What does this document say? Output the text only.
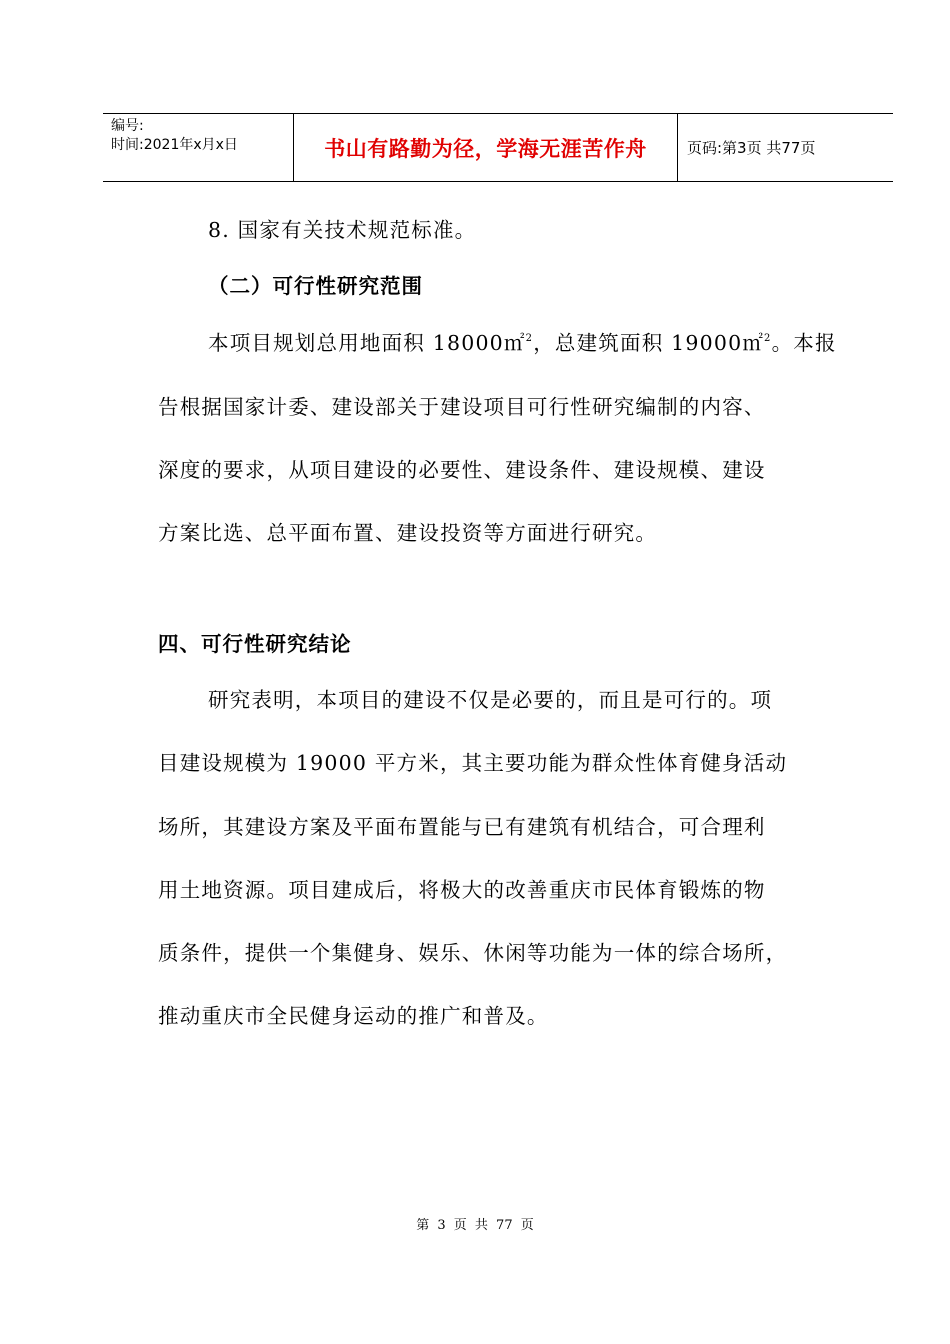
编号:
时间:2021年x月x日	书山有路勤为径，学海无涯苦作舟	页码:第3页 共77页
8. 国家有关技术规范标准。
（二）可行性研究范围
本项目规划总用地面积 18000㎡$^2$，总建筑面积 19000㎡$^2$。本报
告根据国家计委、建设部关于建设项目可行性研究编制的内容、
深度的要求，从项目建设的必要性、建设条件、建设规模、建设
方案比选、总平面布置、建设投资等方面进行研究。
四、可行性研究结论
研究表明，本项目的建设不仅是必要的，而且是可行的。项
目建设规模为 19000 平方米，其主要功能为群众性体育健身活动
场所，其建设方案及平面布置能与已有建筑有机结合，可合理利
用土地资源。项目建成后，将极大的改善重庆市民体育锻炼的物
质条件，提供一个集健身、娱乐、休闲等功能为一体的综合场所，
推动重庆市全民健身运动的推广和普及。
第 3 页 共 77 页
